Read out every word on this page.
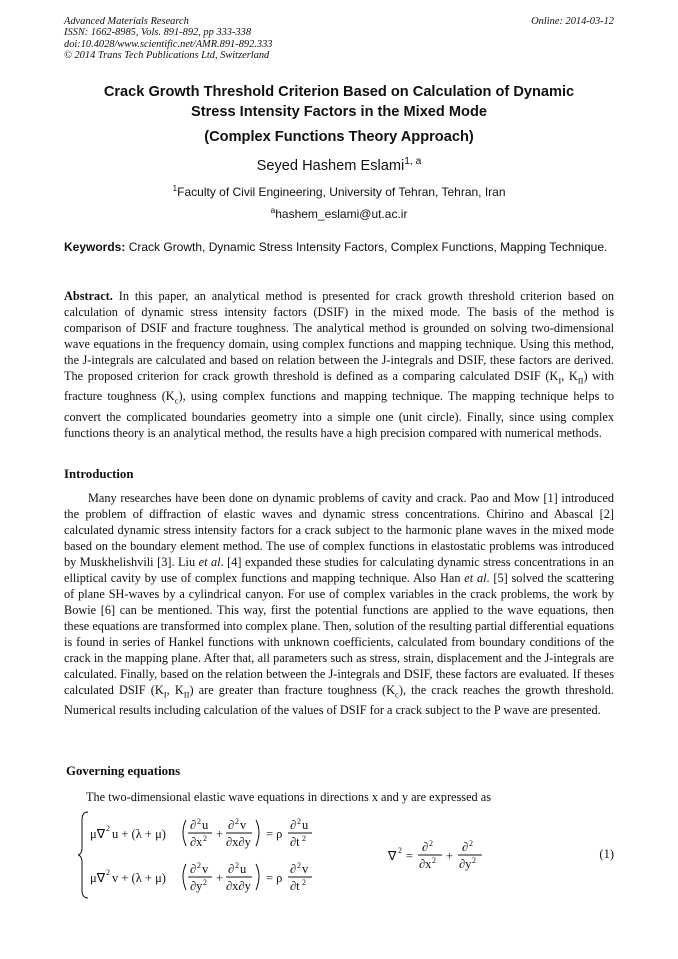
Advanced Materials Research
ISSN: 1662-8985, Vols. 891-892, pp 333-338
doi:10.4028/www.scientific.net/AMR.891-892.333
© 2014 Trans Tech Publications Ltd, Switzerland
Online: 2014-03-12
Crack Growth Threshold Criterion Based on Calculation of Dynamic
Stress Intensity Factors in the Mixed Mode
(Complex Functions Theory Approach)
Seyed Hashem Eslami$^{1, a}$
$^1$Faculty of Civil Engineering, University of Tehran, Tehran, Iran
$^a$hashem_eslami@ut.ac.ir
Keywords: Crack Growth, Dynamic Stress Intensity Factors, Complex Functions, Mapping Technique.
Abstract. In this paper, an analytical method is presented for crack growth threshold criterion based on calculation of dynamic stress intensity factors (DSIF) in the mixed mode. The basis of the method is comparison of DSIF and fracture toughness. The analytical method is grounded on solving two-dimensional wave equations in the frequency domain, using complex functions and mapping technique. Using this method, the J-integrals are calculated and based on relation between the J-integrals and DSIF, these factors are derived. The proposed criterion for crack growth threshold is defined as a comparing calculated DSIF ($K_I$, $K_{II}$) with fracture toughness $(K_c)$, using complex functions and mapping technique. The mapping technique helps to convert the complicated boundaries geometry into a simple one (unit circle). Finally, since using complex functions theory is an analytical method, the results have a high precision compared with numerical methods.
Introduction
Many researches have been done on dynamic problems of cavity and crack. Pao and Mow [1] introduced the problem of diffraction of elastic waves and dynamic stress concentrations. Chirino and Abascal [2] calculated dynamic stress intensity factors for a crack subject to the harmonic plane waves in the mixed mode based on the boundary element method. The use of complex functions in elastostatic problems was introduced by Muskhelishvili [3]. Liu et al. [4] expanded these studies for calculating dynamic stress concentrations in an elliptical cavity by use of complex functions and mapping technique. Also Han et al. [5] solved the scattering of plane SH-waves by a cylindrical canyon. For use of complex variables in the crack problems, the work by Bowie [6] can be mentioned. This way, first the potential functions are applied to the wave equations, then these equations are transformed into complex plane. Then, solution of the resulting partial differential equations is found in series of Hankel functions with unknown coefficients, calculated from boundary conditions of the crack in the mapping plane. After that, all parameters such as stress, strain, displacement and the J-integrals are calculated. Finally, based on the relation between the J-integrals and DSIF, these factors are evaluated. If theses calculated DSIF ($K_I$, $K_{II}$) are greater than fracture toughness $(K_c)$, the crack reaches the growth threshold. Numerical results including calculation of the values of DSIF for a crack subject to the P wave are presented.
Governing equations
The two-dimensional elastic wave equations in directions x and y are expressed as
μ∇ 2 u + (λ + μ)
∂ 2 u
∂x 2 +
∂ 2 v
∂x∂y
= ρ
∂ 2 u
∂t 2
μ∇ 2 v + (λ + μ)
∂ 2 v
∂y 2 +
∂ 2 u
∂x∂y
= ρ
∂ 2 v
∂t 2
∇ 2 =
∂ 2
∂x 2 +
∂ 2
∂y 2	(1)
